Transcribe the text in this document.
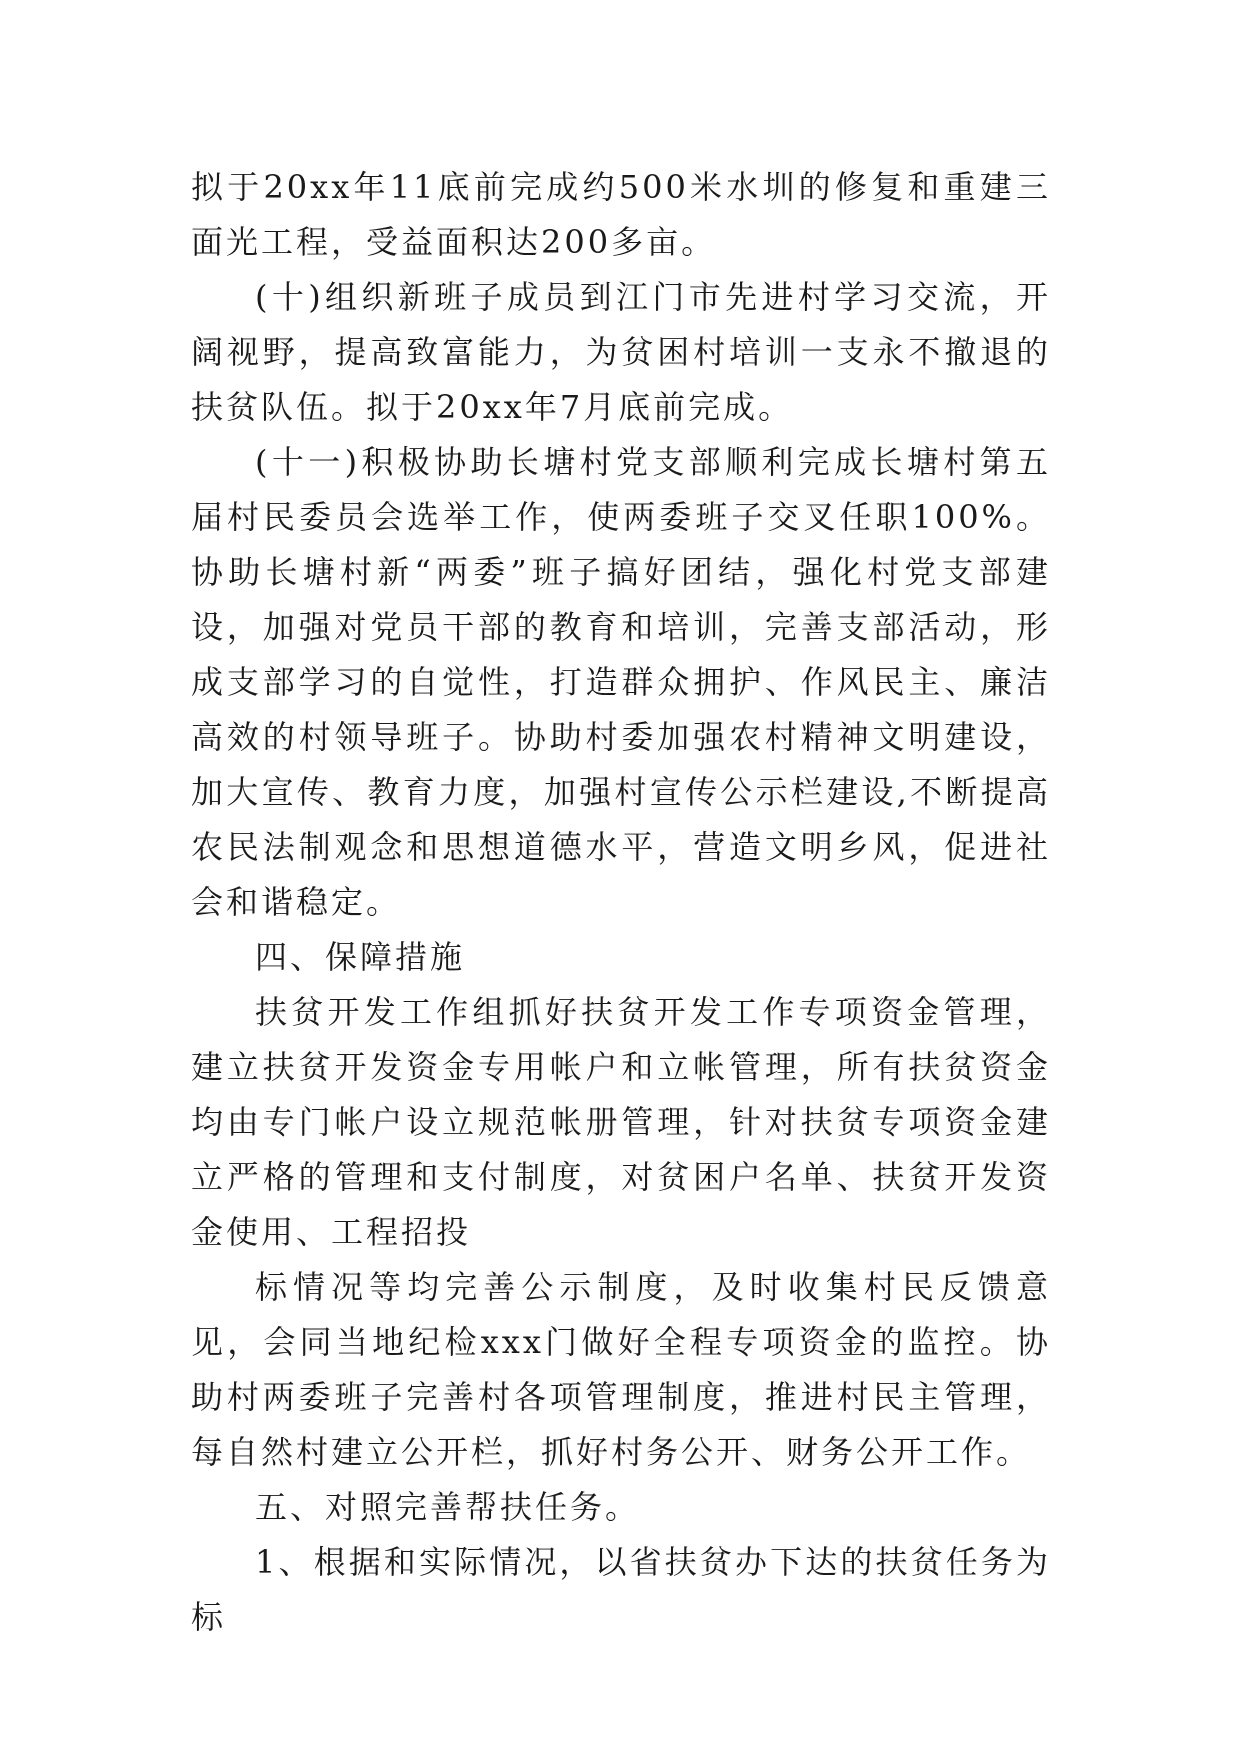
拟于20xx年11底前完成约500米水圳的修复和重建三面光工程，受益面积达200多亩。

(十)组织新班子成员到江门市先进村学习交流，开阔视野，提高致富能力，为贫困村培训一支永不撤退的扶贫队伍。拟于20xx年7月底前完成。

(十一)积极协助长塘村党支部顺利完成长塘村第五届村民委员会选举工作，使两委班子交叉任职100%。协助长塘村新“两委”班子搞好团结，强化村党支部建设，加强对党员干部的教育和培训，完善支部活动，形成支部学习的自觉性，打造群众拥护、作风民主、廉洁高效的村领导班子。协助村委加强农村精神文明建设，加大宣传、教育力度，加强村宣传公示栏建设,不断提高农民法制观念和思想道德水平，营造文明乡风，促进社会和谐稳定。

四、保障措施

扶贫开发工作组抓好扶贫开发工作专项资金管理，建立扶贫开发资金专用帐户和立帐管理，所有扶贫资金均由专门帐户设立规范帐册管理，针对扶贫专项资金建立严格的管理和支付制度，对贫困户名单、扶贫开发资金使用、工程招投

标情况等均完善公示制度，及时收集村民反馈意见，会同当地纪检xxx门做好全程专项资金的监控。协助村两委班子完善村各项管理制度，推进村民主管理，每自然村建立公开栏，抓好村务公开、财务公开工作。

五、对照完善帮扶任务。

1、根据和实际情况，以省扶贫办下达的扶贫任务为标
